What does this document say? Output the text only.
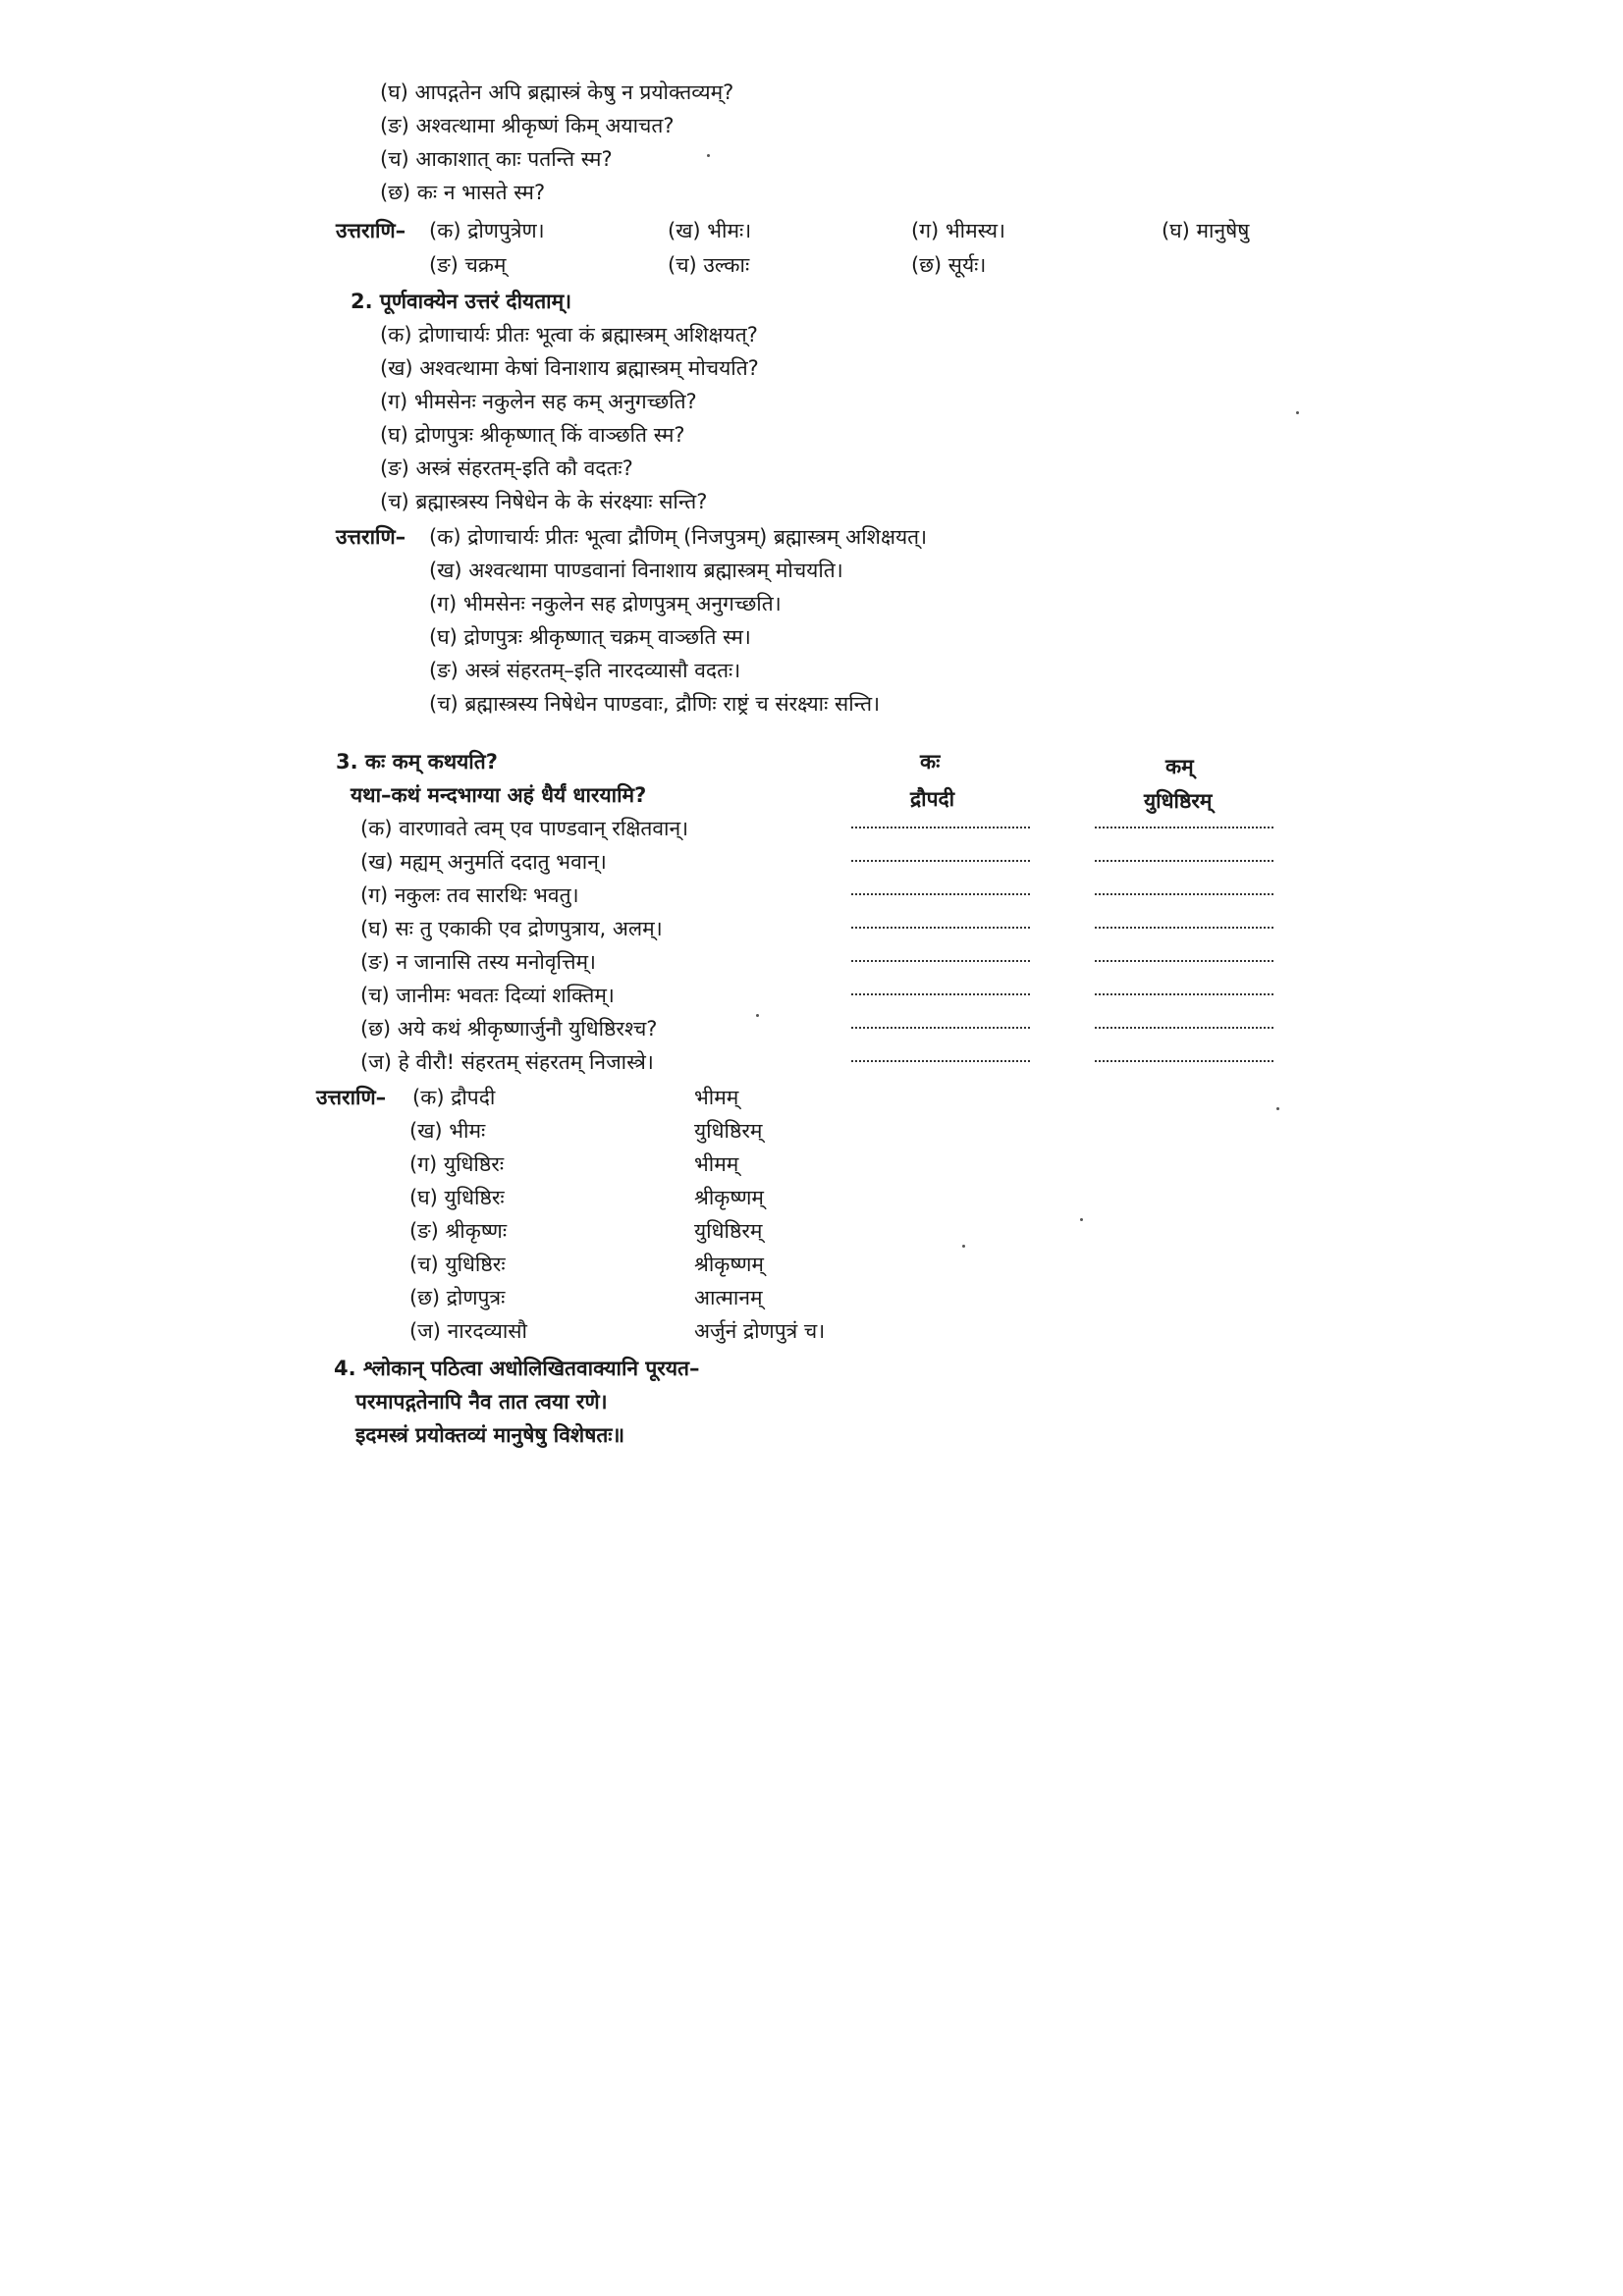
(घ) आपद्गतेन अपि ब्रह्मास्त्रं केषु न प्रयोक्तव्यम्?
(ङ) अश्वत्थामा श्रीकृष्णं किम् अयाचत?
(च) आकाशात् काः पतन्ति स्म?
(छ) कः न भासते स्म?
उत्तराणि– (क) द्रोणपुत्रेण।	(ख) भीमः।	(ग) भीमस्य।	(घ) मानुषेषु
(ङ) चक्रम्	(च) उल्काः	(छ) सूर्यः।
2. पूर्णवाक्येन उत्तरं दीयताम्।
(क) द्रोणाचार्यः प्रीतः भूत्वा कं ब्रह्मास्त्रम् अशिक्षयत्?
(ख) अश्वत्थामा केषां विनाशाय ब्रह्मास्त्रम् मोचयति?
(ग) भीमसेनः नकुलेन सह कम् अनुगच्छति?
(घ) द्रोणपुत्रः श्रीकृष्णात् किं वाञ्छति स्म?
(ङ) अस्त्रं संहरतम्-इति कौ वदतः?
(च) ब्रह्मास्त्रस्य निषेधेन के के संरक्ष्याः सन्ति?
उत्तराणि– (क) द्रोणाचार्यः प्रीतः भूत्वा द्रौणिम् (निजपुत्रम्) ब्रह्मास्त्रम् अशिक्षयत्।
(ख) अश्वत्थामा पाण्डवानां विनाशाय ब्रह्मास्त्रम् मोचयति।
(ग) भीमसेनः नकुलेन सह द्रोणपुत्रम् अनुगच्छति।
(घ) द्रोणपुत्रः श्रीकृष्णात् चक्रम् वाञ्छति स्म।
(ङ) अस्त्रं संहरतम्–इति नारदव्यासौ वदतः।
(च) ब्रह्मास्त्रस्य निषेधेन पाण्डवाः, द्रौणिः राष्ट्रं च संरक्ष्याः सन्ति।
3. कः कम् कथयति?	कः	कम्
यथा–कथं मन्दभाग्या अहं धैर्यं धारयामि?	द्रौपदी	युधिष्ठिरम्
(क) वारणावते त्वम् एव पाण्डवान् रक्षितवान्।
(ख) मह्यम् अनुमतिं ददातु भवान्।
(ग) नकुलः तव सारथिः भवतु।
(घ) सः तु एकाकी एव द्रोणपुत्राय, अलम्।
(ङ) न जानासि तस्य मनोवृत्तिम्।
(च) जानीमः भवतः दिव्यां शक्तिम्।
(छ) अये कथं श्रीकृष्णार्जुनौ युधिष्ठिरश्च?
(ज) हे वीरौ! संहरतम् संहरतम् निजास्त्रे।
उत्तराणि– (क) द्रौपदी	भीमम्
(ख) भीमः	युधिष्ठिरम्
(ग) युधिष्ठिरः	भीमम्
(घ) युधिष्ठिरः	श्रीकृष्णम्
(ङ) श्रीकृष्णः	युधिष्ठिरम्
(च) युधिष्ठिरः	श्रीकृष्णम्
(छ) द्रोणपुत्रः	आत्मानम्
(ज) नारदव्यासौ	अर्जुनं द्रोणपुत्रं च।
4. श्लोकान् पठित्वा अधोलिखितवाक्यानि पूरयत–
परमापद्गतेनापि नैव तात त्वया रणे।
इदमस्त्रं प्रयोक्तव्यं मानुषेषु विशेषतः॥
